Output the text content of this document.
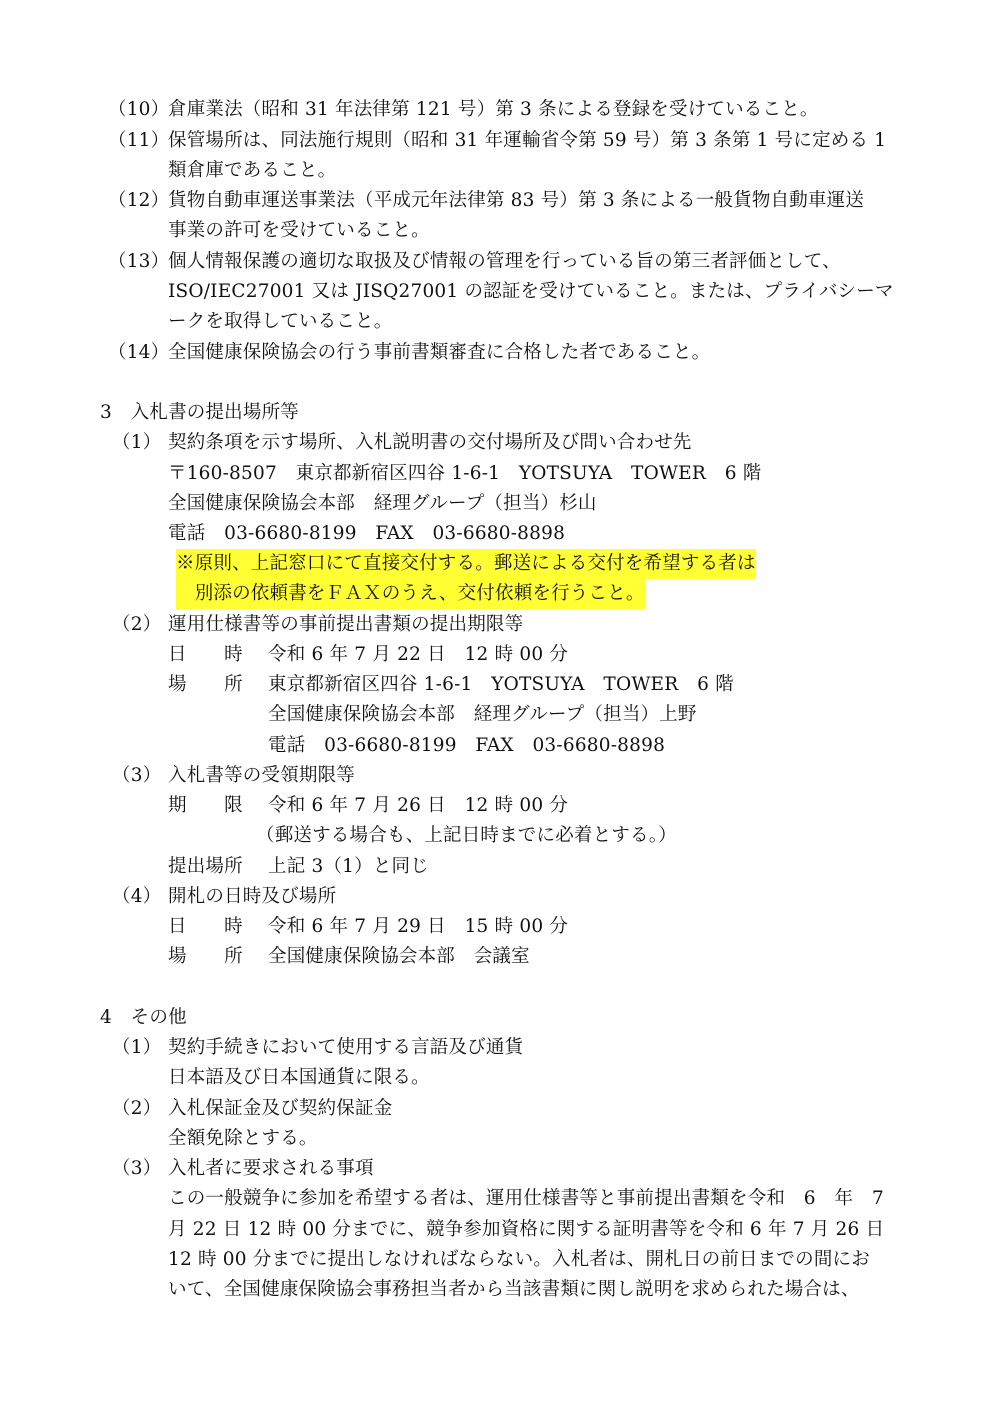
（10）
倉庫業法（昭和 31 年法律第 121 号）第 3 条による登録を受けていること。
（11）
保管場所は、同法施行規則（昭和 31 年運輸省令第 59 号）第 3 条第 1 号に定める 1
類倉庫であること。
（12）
貨物自動車運送事業法（平成元年法律第 83 号）第 3 条による一般貨物自動車運送
事業の許可を受けていること。
（13）
個人情報保護の適切な取扱及び情報の管理を行っている旨の第三者評価として、
ISO/IEC27001 又は JISQ27001 の認証を受けていること。または、プライバシーマ
ークを取得していること。
（14）
全国健康保険協会の行う事前書類審査に合格した者であること。
3　入札書の提出場所等
（1） 契約条項を示す場所、入札説明書の交付場所及び問い合わせ先
〒160-8507　東京都新宿区四谷 1-6-1　YOTSUYA　TOWER　6 階
全国健康保険協会本部　経理グループ（担当）杉山
電話　03-6680-8199　FAX　03-6680-8898
※原則、上記窓口にて直接交付する。郵送による交付を希望する者は
　別添の依頼書をＦＡＸのうえ、交付依頼を行うこと。
（2） 運用仕様書等の事前提出書類の提出期限等
日　　時 令和 6 年 7 月 22 日　12 時 00 分
場　　所 東京都新宿区四谷 1-6-1　YOTSUYA　TOWER　6 階
全国健康保険協会本部　経理グループ（担当）上野
電話　03-6680-8199　FAX　03-6680-8898
（3） 入札書等の受領期限等
期　　限 令和 6 年 7 月 26 日　12 時 00 分
（郵送する場合も、上記日時までに必着とする。）
提出場所 上記 3（1）と同じ
（4） 開札の日時及び場所
日　　時 令和 6 年 7 月 29 日　15 時 00 分
場　　所 全国健康保険協会本部　会議室
4　その他
（1） 契約手続きにおいて使用する言語及び通貨
日本語及び日本国通貨に限る。
（2） 入札保証金及び契約保証金
全額免除とする。
（3） 入札者に要求される事項
この一般競争に参加を希望する者は、運用仕様書等と事前提出書類を令和　6　年　7
月 22 日 12 時 00 分までに、競争参加資格に関する証明書等を令和 6 年 7 月 26 日
12 時 00 分までに提出しなければならない。入札者は、開札日の前日までの間にお
いて、全国健康保険協会事務担当者から当該書類に関し説明を求められた場合は、
